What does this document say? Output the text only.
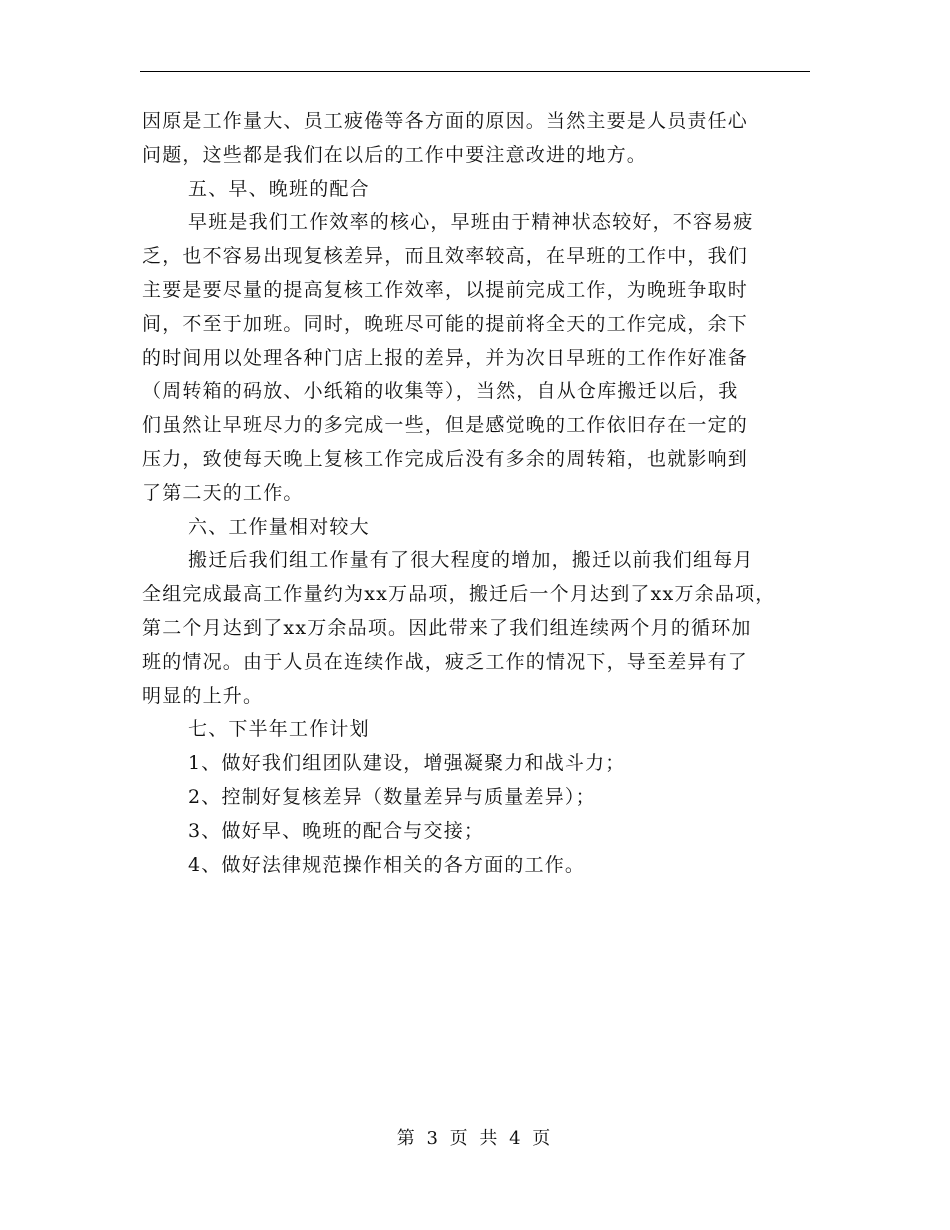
因原是工作量大、员工疲倦等各方面的原因。当然主要是人员责任心
问题，这些都是我们在以后的工作中要注意改进的地方。
五、早、晚班的配合
早班是我们工作效率的核心，早班由于精神状态较好，不容易疲
乏，也不容易出现复核差异，而且效率较高，在早班的工作中，我们
主要是要尽量的提高复核工作效率，以提前完成工作，为晚班争取时
间，不至于加班。同时，晚班尽可能的提前将全天的工作完成，余下
的时间用以处理各种门店上报的差异，并为次日早班的工作作好准备
（周转箱的码放、小纸箱的收集等），当然，自从仓库搬迁以后，我
们虽然让早班尽力的多完成一些，但是感觉晚的工作依旧存在一定的
压力，致使每天晚上复核工作完成后没有多余的周转箱，也就影响到
了第二天的工作。
六、工作量相对较大
搬迁后我们组工作量有了很大程度的增加，搬迁以前我们组每月
全组完成最高工作量约为xx万品项，搬迁后一个月达到了xx万余品项，
第二个月达到了xx万余品项。因此带来了我们组连续两个月的循环加
班的情况。由于人员在连续作战，疲乏工作的情况下，导至差异有了
明显的上升。
七、下半年工作计划
1、做好我们组团队建设，增强凝聚力和战斗力；
2、控制好复核差异（数量差异与质量差异）；
3、做好早、晚班的配合与交接；
4、做好法律规范操作相关的各方面的工作。
第 3 页 共 4 页
